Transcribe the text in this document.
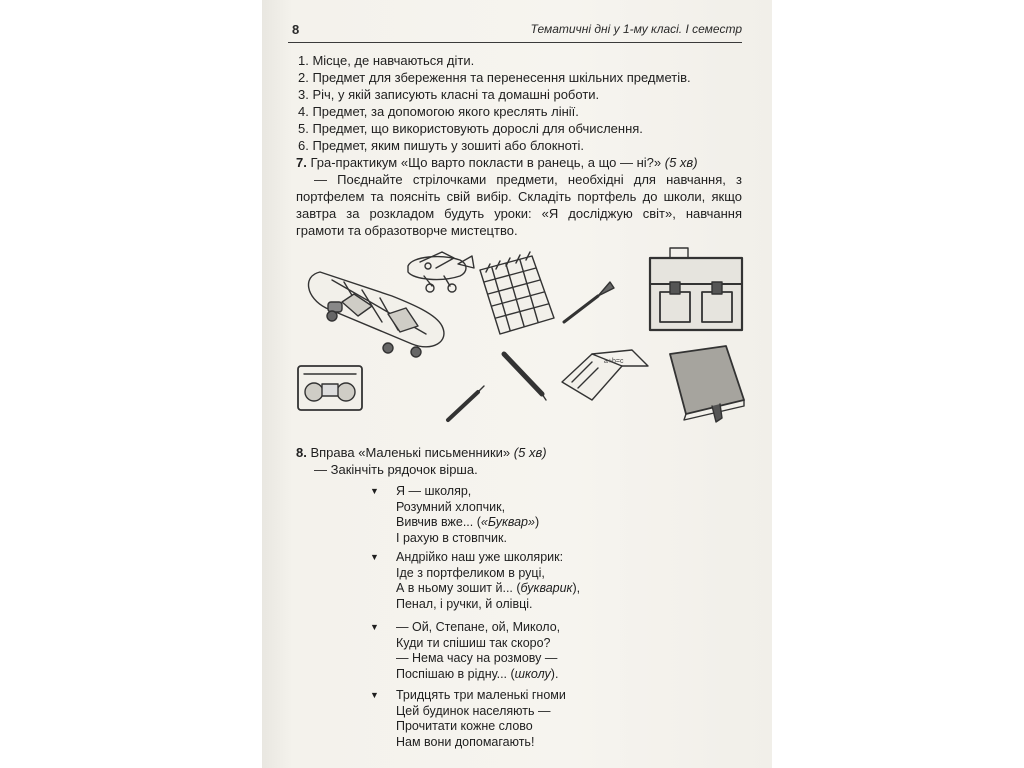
8	Тематичні дні у 1-му класі. I семестр
1. Місце, де навчаються діти.
2. Предмет для збереження та перенесення шкільних предметів.
3. Річ, у якій записують класні та домашні роботи.
4. Предмет, за допомогою якого креслять лінії.
5. Предмет, що використовують дорослі для обчислення.
6. Предмет, яким пишуть у зошиті або блокноті.
7. Гра-практикум «Що варто покласти в ранець, а що — ні?» (5 хв)
— Поєднайте стрілочками предмети, необхідні для навчання, з портфелем та поясніть свій вибір. Складіть портфель до школи, якщо завтра за розкладом будуть уроки: «Я досліджую світ», навчання грамоти та образотворче мистецтво.
a+b=c
8. Вправа «Маленькі письменники» (5 хв)
— Закінчіть рядочок вірша.
▼ Я — школяр,
Розумний хлопчик,
Вивчив вже... («Буквар»)
І рахую в стовпчик.
▼ Андрійко наш уже школярик:
Іде з портфеликом в руці,
А в ньому зошит й... (букварик),
Пенал, і ручки, й олівці.
▼ — Ой, Степане, ой, Миколо,
Куди ти спішиш так скоро?
— Нема часу на розмову —
Поспішаю в рідну... (школу).
▼ Тридцять три маленькі гноми
Цей будинок населяють —
Прочитати кожне слово
Нам вони допомагають!
